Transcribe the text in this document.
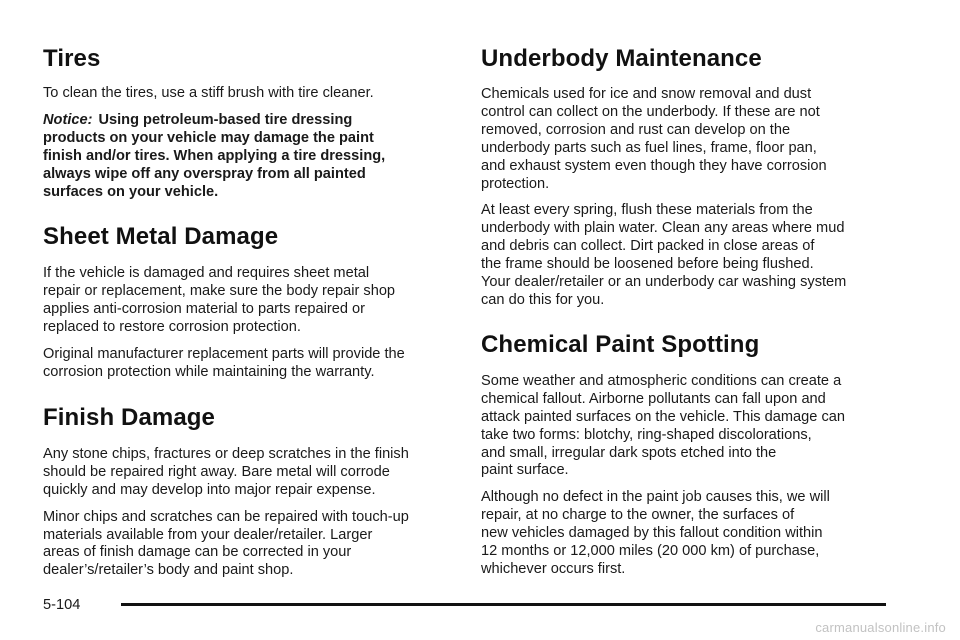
Tires

To clean the tires, use a stiff brush with tire cleaner.

Notice: Using petroleum-based tire dressing
products on your vehicle may damage the paint
finish and/or tires. When applying a tire dressing,
always wipe off any overspray from all painted
surfaces on your vehicle.

Sheet Metal Damage

If the vehicle is damaged and requires sheet metal
repair or replacement, make sure the body repair shop
applies anti-corrosion material to parts repaired or
replaced to restore corrosion protection.

Original manufacturer replacement parts will provide the
corrosion protection while maintaining the warranty.

Finish Damage

Any stone chips, fractures or deep scratches in the finish
should be repaired right away. Bare metal will corrode
quickly and may develop into major repair expense.

Minor chips and scratches can be repaired with touch-up
materials available from your dealer/retailer. Larger
areas of finish damage can be corrected in your
dealer’s/retailer’s body and paint shop.

Underbody Maintenance

Chemicals used for ice and snow removal and dust
control can collect on the underbody. If these are not
removed, corrosion and rust can develop on the
underbody parts such as fuel lines, frame, floor pan,
and exhaust system even though they have corrosion
protection.

At least every spring, flush these materials from the
underbody with plain water. Clean any areas where mud
and debris can collect. Dirt packed in close areas of
the frame should be loosened before being flushed.
Your dealer/retailer or an underbody car washing system
can do this for you.

Chemical Paint Spotting

Some weather and atmospheric conditions can create a
chemical fallout. Airborne pollutants can fall upon and
attack painted surfaces on the vehicle. This damage can
take two forms: blotchy, ring-shaped discolorations,
and small, irregular dark spots etched into the
paint surface.

Although no defect in the paint job causes this, we will
repair, at no charge to the owner, the surfaces of
new vehicles damaged by this fallout condition within
12 months or 12,000 miles (20 000 km) of purchase,
whichever occurs first.

5-104
carmanualsonline.info
